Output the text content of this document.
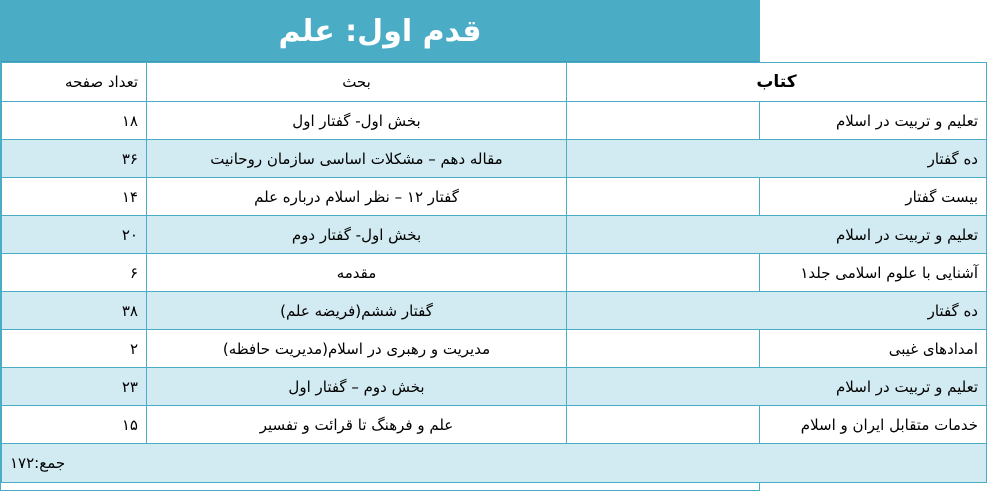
قدم اول: علم
کتاب	بحث	تعداد صفحه
تعلیم و تربیت در اسلام	بخش اول- گفتار اول	۱۸
ده گفتار	مقاله دهم – مشکلات اساسی سازمان روحانیت	۳۶
بیست گفتار	گفتار ۱۲ – نظر اسلام درباره علم	۱۴
تعلیم و تربیت در اسلام	بخش اول- گفتار دوم	۲۰
آشنایی با علوم اسلامی جلد۱	مقدمه	۶
ده گفتار	گفتار ششم(فریضه علم)	۳۸
امدادهای غیبی	مدیریت و رهبری در اسلام(مدیریت حافظه)	۲
تعلیم و تربیت در اسلام	بخش دوم – گفتار اول	۲۳
خدمات متقابل ایران و اسلام	علم و فرهنگ تا قرائت و تفسیر	۱۵
جمع:۱۷۲		
